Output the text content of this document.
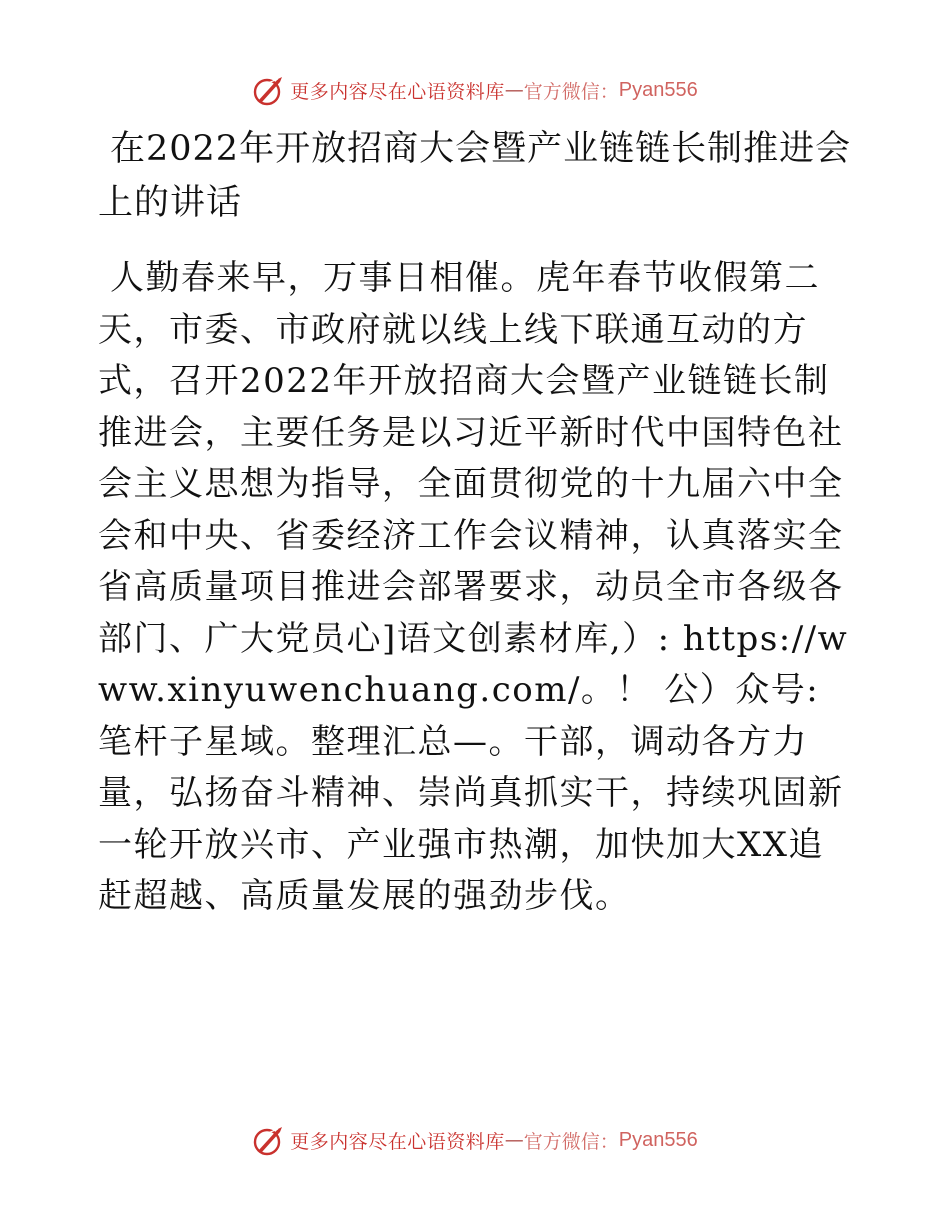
更多内容尽在心语资料库 — 官方微信： Pyan556
在2022年开放招商大会暨产业链链长制推进会上的讲话

人勤春来早，万事日相催。虎年春节收假第二天，市委、市政府就以线上线下联通互动的方式，召开2022年开放招商大会暨产业链链长制推进会，主要任务是以习近平新时代中国特色社会主义思想为指导，全面贯彻党的十九届六中全会和中央、省委经济工作会议精神，认真落实全省高质量项目推进会部署要求，动员全市各级各部门、广大党员心]语文创素材库,）: https://www.xinyuwenchuang.com/。！ 公）众号: 笔杆子星域。整理汇总—。干部，调动各方力量，弘扬奋斗精神、崇尚真抓实干，持续巩固新一轮开放兴市、产业强市热潮，加快加大XX追赶超越、高质量发展的强劲步伐。

更多内容尽在心语资料库 — 官方微信： Pyan556
